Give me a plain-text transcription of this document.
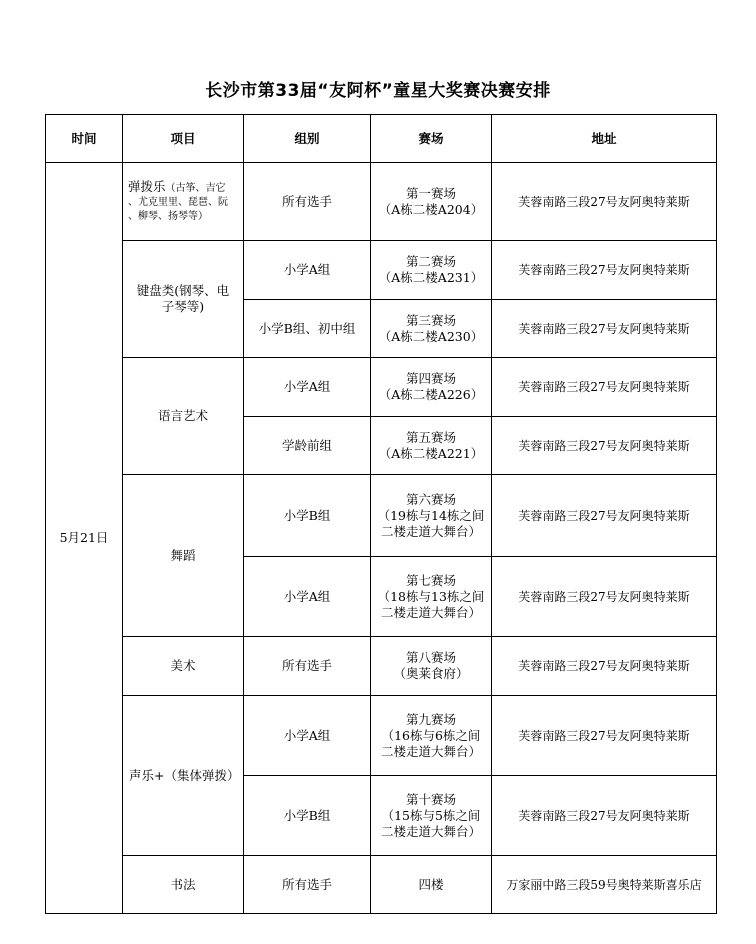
长沙市第33届“友阿杯”童星大奖赛决赛安排
时间	项目	组别	赛场	地址
5月21日	弹拨乐（古筝、吉它
、尤克里里、琵琶、阮
、柳琴、扬琴等）	所有选手	第一赛场
（A栋二楼A204）	芙蓉南路三段27号友阿奥特莱斯
	键盘类(钢琴、电
子琴等)	小学A组	第二赛场
（A栋二楼A231）	芙蓉南路三段27号友阿奥特莱斯
		小学B组、初中组	第三赛场
（A栋二楼A230）	芙蓉南路三段27号友阿奥特莱斯
	语言艺术	小学A组	第四赛场
（A栋二楼A226）	芙蓉南路三段27号友阿奥特莱斯
		学龄前组	第五赛场
（A栋二楼A221）	芙蓉南路三段27号友阿奥特莱斯
	舞蹈	小学B组	第六赛场
（19栋与14栋之间
二楼走道大舞台）	芙蓉南路三段27号友阿奥特莱斯
		小学A组	第七赛场
（18栋与13栋之间
二楼走道大舞台）	芙蓉南路三段27号友阿奥特莱斯
	美术	所有选手	第八赛场
（奥莱食府）	芙蓉南路三段27号友阿奥特莱斯
	声乐+（集体弹拨）	小学A组	第九赛场
（16栋与6栋之间
二楼走道大舞台）	芙蓉南路三段27号友阿奥特莱斯
		小学B组	第十赛场
（15栋与5栋之间
二楼走道大舞台）	芙蓉南路三段27号友阿奥特莱斯
	书法	所有选手	四楼	万家丽中路三段59号奥特莱斯喜乐店
